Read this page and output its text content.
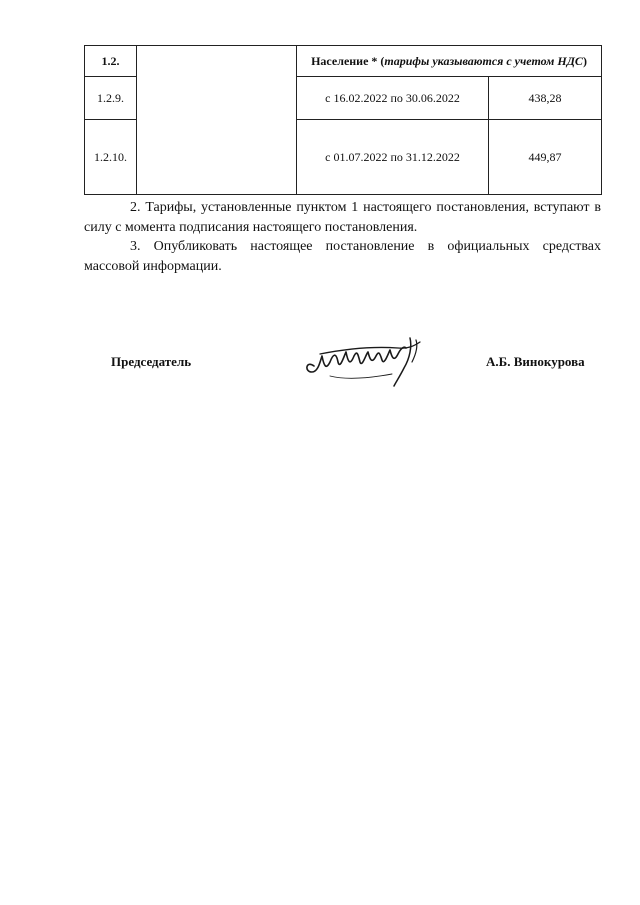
1.2.		Население * (тарифы указываются с учетом НДС)	
1.2.9.		с 16.02.2022 по 30.06.2022	438,28
1.2.10.		с 01.07.2022 по 31.12.2022	449,87

2. Тарифы, установленные пунктом 1 настоящего постановления, вступают в силу с момента подписания настоящего постановления.

3. Опубликовать настоящее постановление в официальных средствах массовой информации.

Председатель	А.Б. Винокурова
